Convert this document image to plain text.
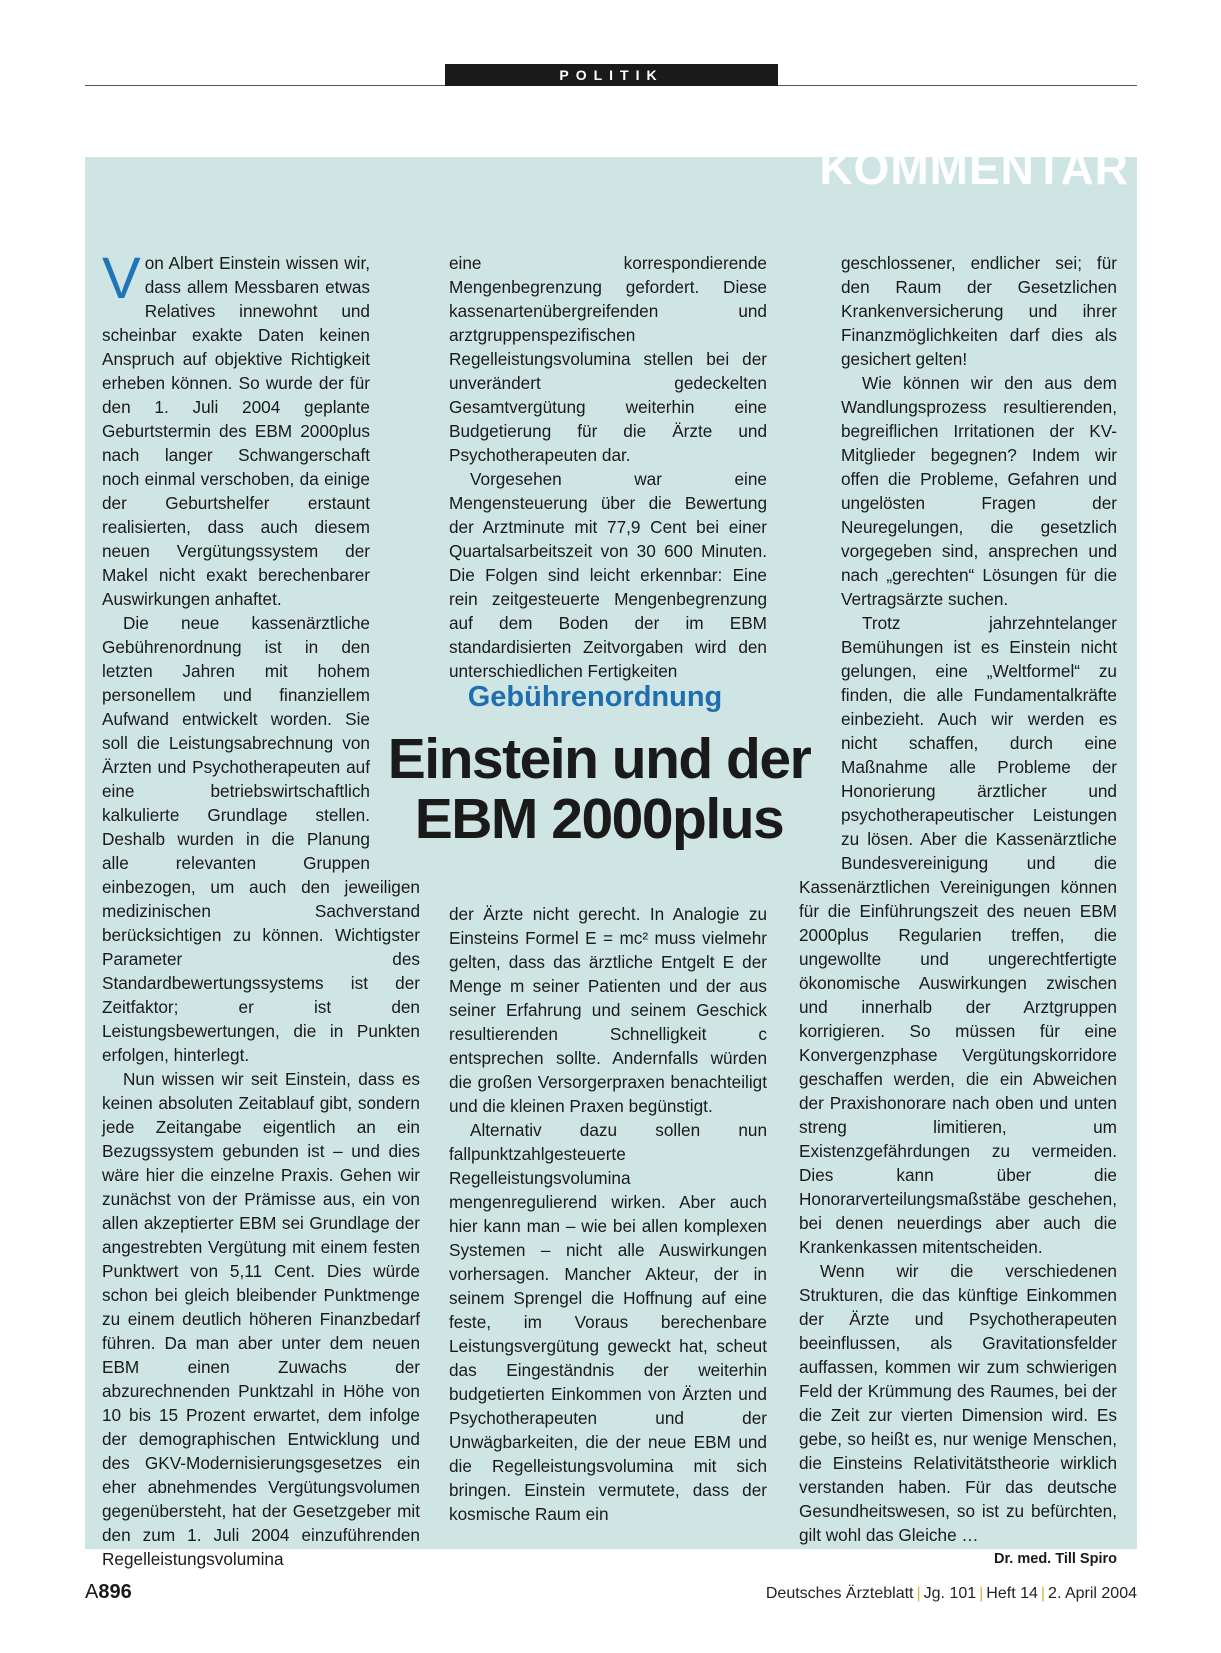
POLITIK
KOMMENTAR

Von Albert Einstein wissen wir, dass allem Messbaren etwas Relatives innewohnt und scheinbar exakte Daten keinen Anspruch auf objektive Richtigkeit erheben können. So wurde der für den 1. Juli 2004 geplante Geburtstermin des EBM 2000plus nach langer Schwangerschaft noch einmal verschoben, da einige der Geburtshelfer erstaunt realisierten, dass auch diesem neuen Vergütungssystem der Makel nicht exakt berechenbarer Auswirkungen anhaftet.

Die neue kassenärztliche Gebührenordnung ist in den letzten Jahren mit hohem personellem und finanziellem Aufwand entwickelt worden. Sie soll die Leistungsabrechnung von Ärzten und Psychotherapeuten auf eine betriebswirtschaftlich kalkulierte Grundlage stellen. Deshalb wurden in die Planung alle relevanten Gruppen einbezogen, um auch den jeweiligen medizinischen Sachverstand berücksichtigen zu können. Wichtigster Parameter des Standardbewertungssystems ist der Zeitfaktor; er ist den Leistungsbewertungen, die in Punkten erfolgen, hinterlegt.

Nun wissen wir seit Einstein, dass es keinen absoluten Zeitablauf gibt, sondern jede Zeitangabe eigentlich an ein Bezugssystem gebunden ist – und dies wäre hier die einzelne Praxis. Gehen wir zunächst von der Prämisse aus, ein von allen akzeptierter EBM sei Grundlage der angestrebten Vergütung mit einem festen Punktwert von 5,11 Cent. Dies würde schon bei gleich bleibender Punktmenge zu einem deutlich höheren Finanzbedarf führen. Da man aber unter dem neuen EBM einen Zuwachs der abzurechnenden Punktzahl in Höhe von 10 bis 15 Prozent erwartet, dem infolge der demographischen Entwicklung und des GKV-Modernisierungsgesetzes ein eher abnehmendes Vergütungsvolumen gegenübersteht, hat der Gesetzgeber mit den zum 1. Juli 2004 einzuführenden Regelleistungsvolumina

eine korrespondierende Mengenbegrenzung gefordert. Diese kassenartenübergreifenden und arztgruppenspezifischen Regelleistungsvolumina stellen bei der unverändert gedeckelten Gesamtvergütung weiterhin eine Budgetierung für die Ärzte und Psychotherapeuten dar.

Vorgesehen war eine Mengensteuerung über die Bewertung der Arztminute mit 77,9 Cent bei einer Quartalsarbeitszeit von 30 600 Minuten. Die Folgen sind leicht erkennbar: Eine rein zeitgesteuerte Mengenbegrenzung auf dem Boden der im EBM standardisierten Zeitvorgaben wird den unterschiedlichen Fertigkeiten

Gebührenordnung
Einstein und der
EBM 2000plus

der Ärzte nicht gerecht. In Analogie zu Einsteins Formel E = mc² muss vielmehr gelten, dass das ärztliche Entgelt E der Menge m seiner Patienten und der aus seiner Erfahrung und seinem Geschick resultierenden Schnelligkeit c entsprechen sollte. Andernfalls würden die großen Versorgerpraxen benachteiligt und die kleinen Praxen begünstigt.

Alternativ dazu sollen nun fallpunktzahlgesteuerte Regelleistungsvolumina mengenregulierend wirken. Aber auch hier kann man – wie bei allen komplexen Systemen – nicht alle Auswirkungen vorhersagen. Mancher Akteur, der in seinem Sprengel die Hoffnung auf eine feste, im Voraus berechenbare Leistungsvergütung geweckt hat, scheut das Eingeständnis der weiterhin budgetierten Einkommen von Ärzten und Psychotherapeuten und der Unwägbarkeiten, die der neue EBM und die Regelleistungsvolumina mit sich bringen. Einstein vermutete, dass der kosmische Raum ein

geschlossener, endlicher sei; für den Raum der Gesetzlichen Krankenversicherung und ihrer Finanzmöglichkeiten darf dies als gesichert gelten!

Wie können wir den aus dem Wandlungsprozess resultierenden, begreiflichen Irritationen der KV-Mitglieder begegnen? Indem wir offen die Probleme, Gefahren und ungelösten Fragen der Neuregelungen, die gesetzlich vorgegeben sind, ansprechen und nach „gerechten“ Lösungen für die Vertragsärzte suchen.

Trotz jahrzehntelanger Bemühungen ist es Einstein nicht gelungen, eine „Weltformel“ zu finden, die alle Fundamentalkräfte einbezieht. Auch wir werden es nicht schaffen, durch eine Maßnahme alle Probleme der Honorierung ärztlicher und psychotherapeutischer Leistungen zu lösen. Aber die Kassenärztliche Bundesvereinigung und die Kassenärztlichen Vereinigungen können für die Einführungszeit des neuen EBM 2000plus Regularien treffen, die ungewollte und ungerechtfertigte ökonomische Auswirkungen zwischen und innerhalb der Arztgruppen korrigieren. So müssen für eine Konvergenzphase Vergütungskorridore geschaffen werden, die ein Abweichen der Praxishonorare nach oben und unten streng limitieren, um Existenzgefährdungen zu vermeiden. Dies kann über die Honorarverteilungsmaßstäbe geschehen, bei denen neuerdings aber auch die Krankenkassen mitentscheiden.

Wenn wir die verschiedenen Strukturen, die das künftige Einkommen der Ärzte und Psychotherapeuten beeinflussen, als Gravitationsfelder auffassen, kommen wir zum schwierigen Feld der Krümmung des Raumes, bei der die Zeit zur vierten Dimension wird. Es gebe, so heißt es, nur wenige Menschen, die Einsteins Relativitätstheorie wirklich verstanden haben. Für das deutsche Gesundheitswesen, so ist zu befürchten, gilt wohl das Gleiche …
Dr. med. Till Spiro

A896	Deutsches Ärzteblatt | Jg. 101 | Heft 14 | 2. April 2004
